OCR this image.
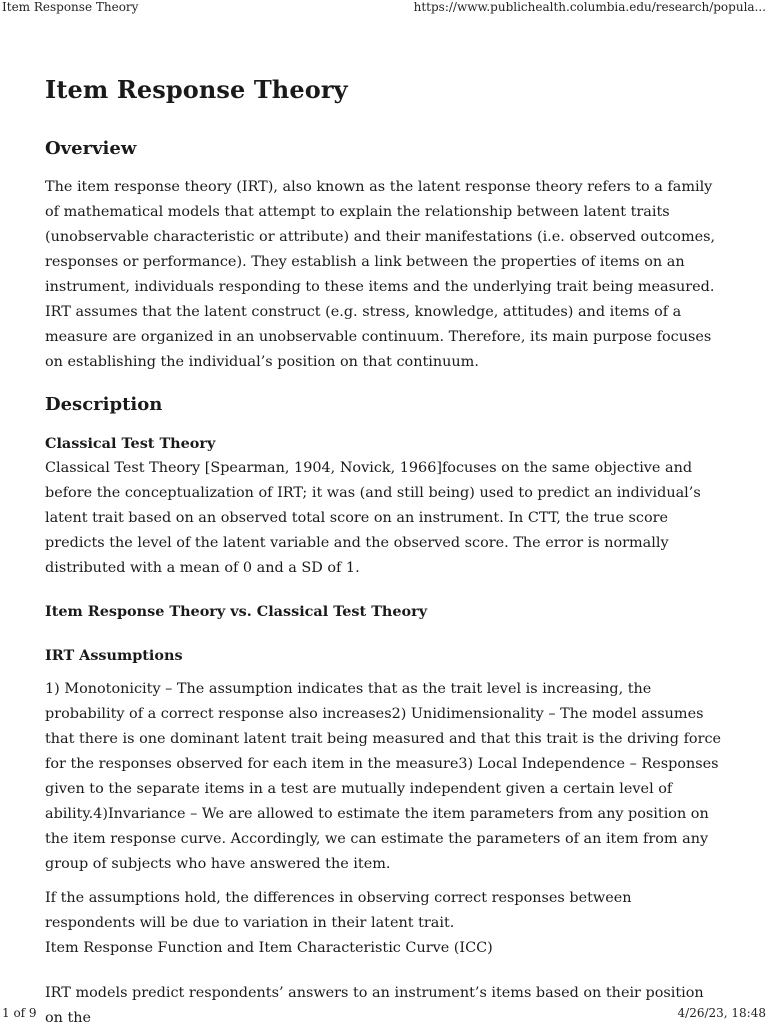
Item Response Theory	https://www.publichealth.columbia.edu/research/popula...
Item Response Theory
Overview

The item response theory (IRT), also known as the latent response theory refers to a family of mathematical models that attempt to explain the relationship between latent traits (unobservable characteristic or attribute) and their manifestations (i.e. observed outcomes, responses or performance). They establish a link between the properties of items on an instrument, individuals responding to these items and the underlying trait being measured. IRT assumes that the latent construct (e.g. stress, knowledge, attitudes) and items of a measure are organized in an unobservable continuum. Therefore, its main purpose focuses on establishing the individual’s position on that continuum.

Description
Classical Test Theory

Classical Test Theory [Spearman, 1904, Novick, 1966]focuses on the same objective and before the conceptualization of IRT; it was (and still being) used to predict an individual’s latent trait based on an observed total score on an instrument. In CTT, the true score predicts the level of the latent variable and the observed score. The error is normally distributed with a mean of 0 and a SD of 1.

Item Response Theory vs. Classical Test Theory
IRT Assumptions

1) Monotonicity – The assumption indicates that as the trait level is increasing, the probability of a correct response also increases2) Unidimensionality – The model assumes that there is one dominant latent trait being measured and that this trait is the driving force for the responses observed for each item in the measure3) Local Independence – Responses given to the separate items in a test are mutually independent given a certain level of ability.4)Invariance – We are allowed to estimate the item parameters from any position on the item response curve. Accordingly, we can estimate the parameters of an item from any group of subjects who have answered the item.

If the assumptions hold, the differences in observing correct responses between respondents will be due to variation in their latent trait.

Item Response Function and Item Characteristic Curve (ICC)

IRT models predict respondents’ answers to an instrument’s items based on their position on the

1 of 9	4/26/23, 18:48
